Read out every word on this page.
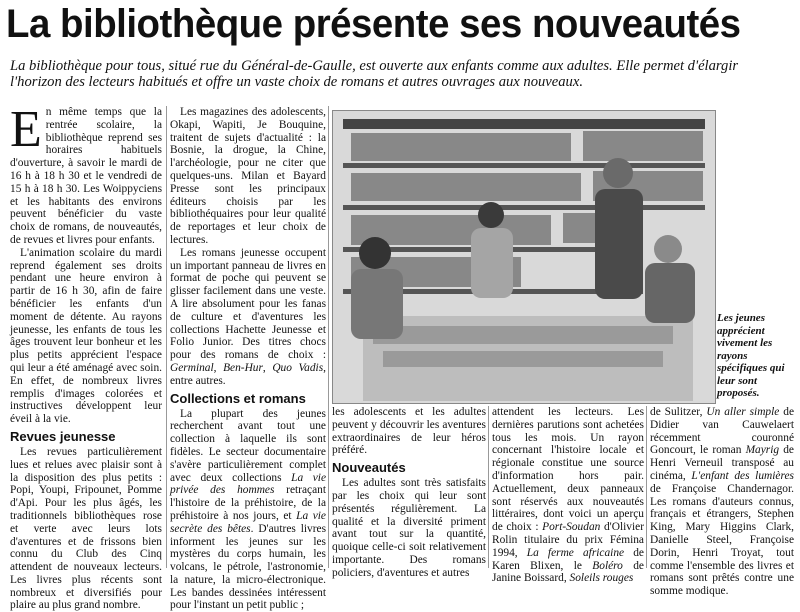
La bibliothèque présente ses nouveautés
La bibliothèque pour tous, situé rue du Général-de-Gaulle, est ouverte aux enfants comme aux adultes. Elle permet d'élargir l'horizon des lecteurs habitués et offre un vaste choix de romans et autres ouvrages aux nouveaux.

En même temps que la rentrée scolaire, la bibliothèque reprend ses horaires habituels d'ouverture, à savoir le mardi de 16 h à 18 h 30 et le vendredi de 15 h à 18 h 30. Les Woippyciens et les habitants des environs peuvent bénéficier du vaste choix de romans, de nouveautés, de revues et livres pour enfants.

L'animation scolaire du mardi reprend également ses droits pendant une heure environ à partir de 16 h 30, afin de faire bénéficier les enfants d'un moment de détente. Au rayons jeunesse, les enfants de tous les âges trouvent leur bonheur et les plus petits apprécient l'espace qui leur a été aménagé avec soin. En effet, de nombreux livres remplis d'images colorées et instructives développent leur éveil à la vie.

Revues jeunesse

Les revues particulièrement lues et relues avec plaisir sont à la disposition des plus petits : Popi, Youpi, Fripounet, Pomme d'Api. Pour les plus âgés, les traditionnels bibliothèques rose et verte avec leurs lots d'aventures et de frissons bien connu du Club des Cinq attendent de nouveaux lecteurs. Les livres plus récents sont nombreux et diversifiés pour plaire au plus grand nombre.

Les magazines des adolescents, Okapi, Wapiti, Je Bouquine, traitent de sujets d'actualité : la Bosnie, la drogue, la Chine, l'archéologie, pour ne citer que quelques-uns. Milan et Bayard Presse sont les principaux éditeurs choisis par les bibliothéquaires pour leur qualité de reportages et leur choix de lectures.

Les romans jeunesse occupent un important panneau de livres en format de poche qui peuvent se glisser facilement dans une veste. A lire absolument pour les fanas de culture et d'aventures les collections Hachette Jeunesse et Folio Junior. Des titres chocs pour des romans de choix : Germinal, Ben-Hur, Quo Vadis, entre autres.

Collections et romans

La plupart des jeunes recherchent avant tout une collection à laquelle ils sont fidèles. Le secteur documentaire s'avère particulièrement complet avec deux collections La vie privée des hommes retraçant l'histoire de la préhistoire, de la préhistoire à nos jours, et La vie secrète des bêtes. D'autres livres informent les jeunes sur les mystères du corps humain, les volcans, le pétrole, l'astronomie, la nature, la micro-électronique. Les bandes dessinées intéressent pour l'instant un petit public ;

Les jeunes apprécient vivement les rayons spécifiques qui leur sont proposés.

les adolescents et les adultes peuvent y découvrir les aventures extraordinaires de leur héros préféré.

Nouveautés

Les adultes sont très satisfaits par les choix qui leur sont présentés régulièrement. La qualité et la diversité priment avant tout sur la quantité, quoique celle-ci soit relativement importante. Des romans policiers, d'aventures et autres

attendent les lecteurs. Les dernières parutions sont achetées tous les mois. Un rayon concernant l'histoire locale et régionale constitue une source d'information hors pair. Actuellement, deux panneaux sont réservés aux nouveautés littéraires, dont voici un aperçu de choix : Port-Soudan d'Olivier Rolin titulaire du prix Fémina 1994, La ferme africaine de Karen Blixen, le Boléro de Janine Boissard, Soleils rouges

de Sulitzer, Un aller simple de Didier van Cauwelaert récemment couronné Goncourt, le roman Mayrig de Henri Verneuil transposé au cinéma, L'enfant des lumières de Françoise Chandernagor. Les romans d'auteurs connus, français et étrangers, Stephen King, Mary Higgins Clark, Danielle Steel, Françoise Dorin, Henri Troyat, tout comme l'ensemble des livres et romans sont prêtés contre une somme modique.
